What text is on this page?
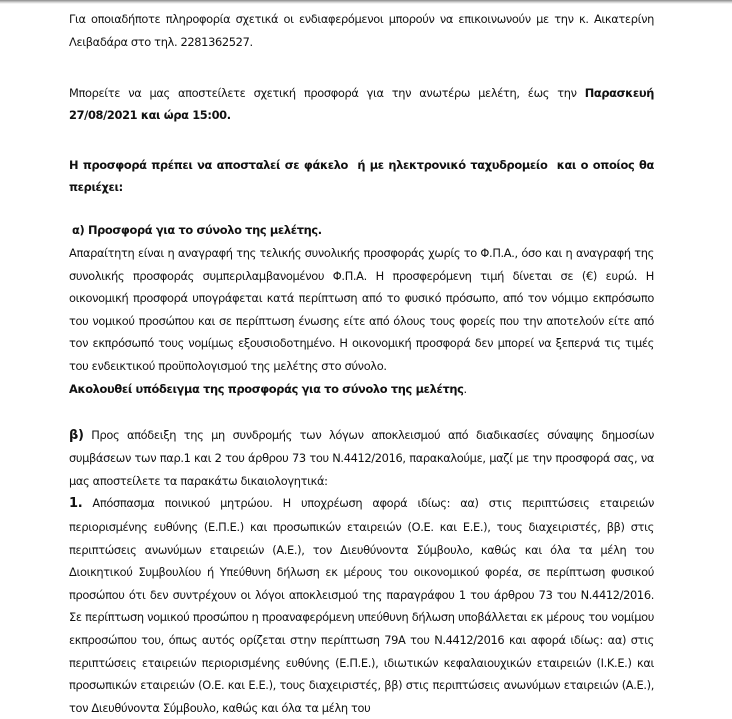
Για οποιαδήποτε πληροφορία σχετικά οι ενδιαφερόμενοι μπορούν να επικοινωνούν με την κ. Αικατερίνη Λειβαδάρα στο τηλ. 2281362527.

Μπορείτε να μας αποστείλετε σχετική προσφορά για την ανωτέρω μελέτη, έως την Παρασκευή 27/08/2021 και ώρα 15:00.

Η προσφορά πρέπει να αποσταλεί σε φάκελο  ή με ηλεκτρονικό ταχυδρομείο  και ο οποίος θα περιέχει:

α) Προσφορά για το σύνολο της μελέτης.

Απαραίτητη είναι η αναγραφή της τελικής συνολικής προσφοράς χωρίς το Φ.Π.Α., όσο και η αναγραφή της συνολικής προσφοράς συμπεριλαμβανομένου Φ.Π.Α. Η προσφερόμενη τιμή δίνεται σε (€) ευρώ. Η οικονομική προσφορά υπογράφεται κατά περίπτωση από το φυσικό πρόσωπο, από τον νόμιμο εκπρόσωπο του νομικού προσώπου και σε περίπτωση ένωσης είτε από όλους τους φορείς που την αποτελούν είτε από τον εκπρόσωπό τους νομίμως εξουσιοδοτημένο. Η οικονομική προσφορά δεν μπορεί να ξεπερνά τις τιμές του ενδεικτικού προϋπολογισμού της μελέτης στο σύνολο.

Ακολουθεί υπόδειγμα της προσφοράς για το σύνολο της μελέτης.

β) Προς απόδειξη της μη συνδρομής των λόγων αποκλεισμού από διαδικασίες σύναψης δημοσίων συμβάσεων των παρ.1 και 2 του άρθρου 73 του Ν.4412/2016, παρακαλούμε, μαζί με την προσφορά σας, να μας αποστείλετε τα παρακάτω δικαιολογητικά:

1. Απόσπασμα ποινικού μητρώου. Η υποχρέωση αφορά ιδίως: αα) στις περιπτώσεις εταιρειών περιορισμένης ευθύνης (Ε.Π.Ε.) και προσωπικών εταιρειών (Ο.Ε. και Ε.Ε.), τους διαχειριστές, ββ) στις περιπτώσεις ανωνύμων εταιρειών (Α.Ε.), τον Διευθύνοντα Σύμβουλο, καθώς και όλα τα μέλη του Διοικητικού Συμβουλίου ή Υπεύθυνη δήλωση εκ μέρους του οικονομικού φορέα, σε περίπτωση φυσικού προσώπου ότι δεν συντρέχουν οι λόγοι αποκλεισμού της παραγράφου 1 του άρθρου 73 του Ν.4412/2016. Σε περίπτωση νομικού προσώπου η προαναφερόμενη υπεύθυνη δήλωση υποβάλλεται εκ μέρους του νομίμου εκπροσώπου του, όπως αυτός ορίζεται στην περίπτωση 79Α του Ν.4412/2016 και αφορά ιδίως: αα) στις περιπτώσεις εταιρειών περιορισμένης ευθύνης (Ε.Π.Ε.), ιδιωτικών κεφαλαιουχικών εταιρειών (Ι.Κ.Ε.) και προσωπικών εταιρειών (Ο.Ε. και Ε.Ε.), τους διαχειριστές, ββ) στις περιπτώσεις ανωνύμων εταιρειών (Α.Ε.), τον Διευθύνοντα Σύμβουλο, καθώς και όλα τα μέλη του
